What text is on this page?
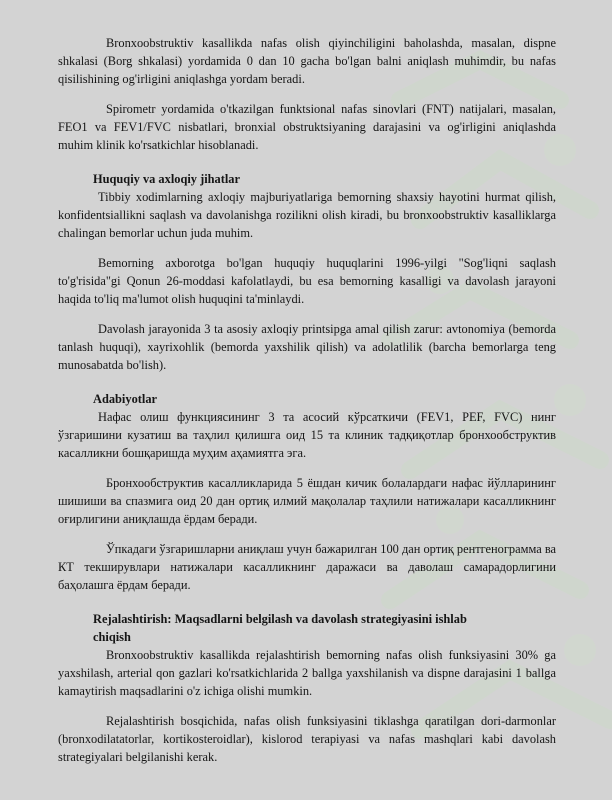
Bronxoobstruktiv kasallikda nafas olish qiyinchiligini baholashda, masalan, dispne shkalasi (Borg shkalasi) yordamida 0 dan 10 gacha bo'lgan balni aniqlash muhimdir, bu nafas qisilishining og'irligini aniqlashga yordam beradi.

Spirometr yordamida o'tkazilgan funktsional nafas sinovlari (FNT) natijalari, masalan, FEO1 va FEV1/FVC nisbatlari, bronxial obstruktsiyaning darajasini va og'irligini aniqlashda muhim klinik ko'rsatkichlar hisoblanadi.

Huquqiy va axloqiy jihatlar

Tibbiy xodimlarning axloqiy majburiyatlariga bemorning shaxsiy hayotini hurmat qilish, konfidentsiallikni saqlash va davolanishga rozilikni olish kiradi, bu bronxoobstruktiv kasalliklarga chalingan bemorlar uchun juda muhim.

Bemorning axborotga bo'lgan huquqiy huquqlarini 1996-yilgi "Sog'liqni saqlash to'g'risida"gi Qonun 26-moddasi kafolatlaydi, bu esa bemorning kasalligi va davolash jarayoni haqida to'liq ma'lumot olish huquqini ta'minlaydi.

Davolash jarayonida 3 ta asosiy axloqiy printsipga amal qilish zarur: avtonomiya (bemorda tanlash huquqi), xayrixohlik (bemorda yaxshilik qilish) va adolatlilik (barcha bemorlarga teng munosabatda bo'lish).

Adabiyotlar

Нафас олиш функциясининг 3 та асосий кўрсаткичи (FEV1, PEF, FVC) нинг ўзгаришини кузатиш ва таҳлил қилишга оид 15 та клиник тадқиқотлар бронхообструктив касалликни бошқаришда муҳим аҳамиятга эга.

Бронхообструктив касалликларида 5 ёшдан кичик болалардаги нафас йўлларининг шишиши ва спазмига оид 20 дан ортиқ илмий мақолалар таҳлили натижалари касалликнинг оғирлигини аниқлашда ёрдам беради.

Ўпкадаги ўзгаришларни аниқлаш учун бажарилган 100 дан ортиқ рентгенограмма ва КТ текширувлари натижалари касалликнинг даражаси ва даволаш самарадорлигини баҳолашга ёрдам беради.

Rejalashtirish: Maqsadlarni belgilash va davolash strategiyasini ishlab
chiqish

Bronxoobstruktiv kasallikda rejalashtirish bemorning nafas olish funksiyasini 30% ga yaxshilash, arterial qon gazlari ko'rsatkichlarida 2 ballga yaxshilanish va dispne darajasini 1 ballga kamaytirish maqsadlarini o'z ichiga olishi mumkin.

Rejalashtirish bosqichida, nafas olish funksiyasini tiklashga qaratilgan dori-darmonlar (bronxodilatatorlar, kortikosteroidlar), kislorod terapiyasi va nafas mashqlari kabi davolash strategiyalari belgilanishi kerak.
